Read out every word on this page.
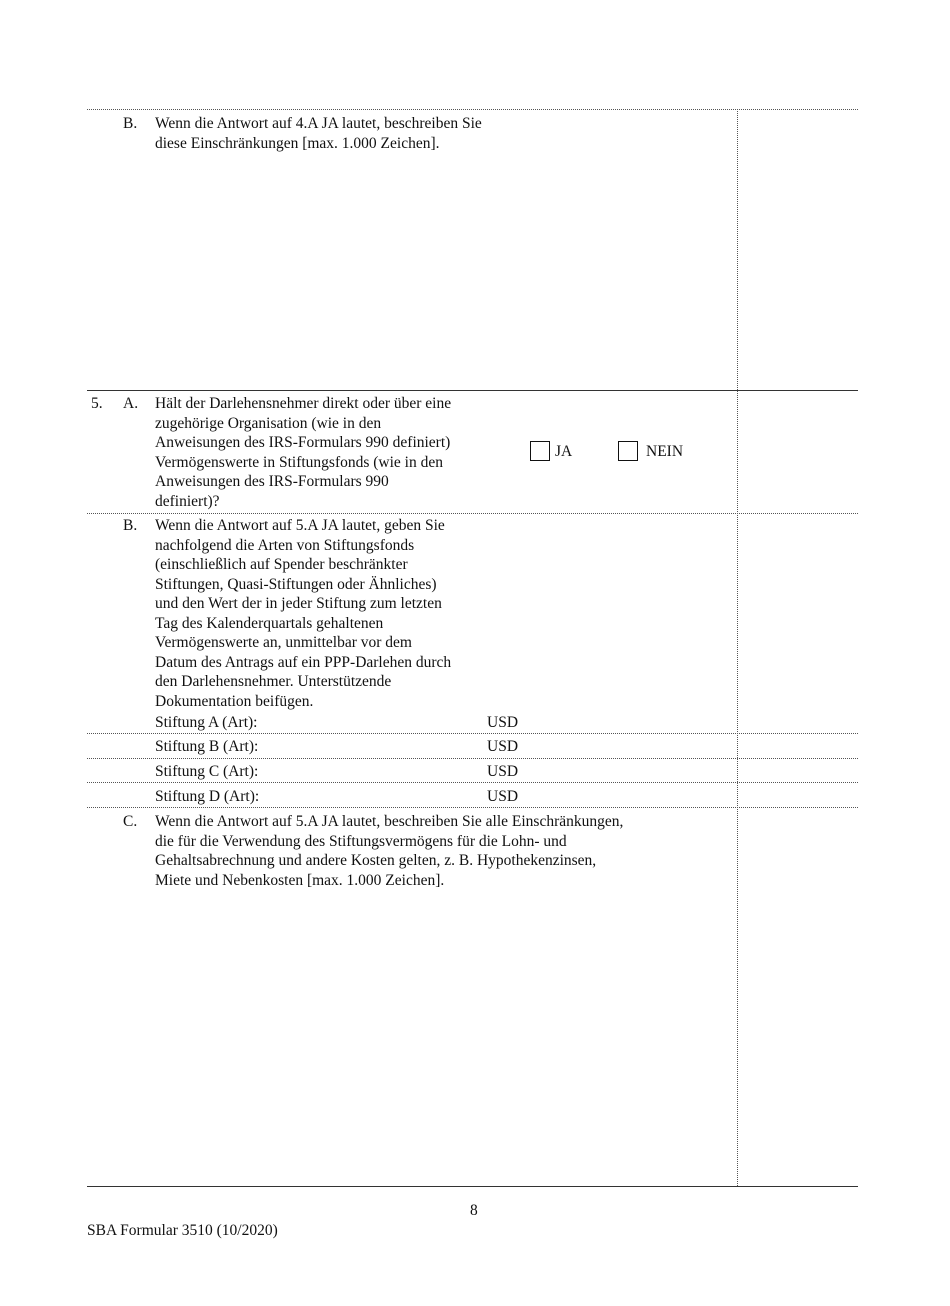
B. Wenn die Antwort auf 4.A JA lautet, beschreiben Sie
diese Einschränkungen [max. 1.000 Zeichen].
5. A. Hält der Darlehensnehmer direkt oder über eine
zugehörige Organisation (wie in den
Anweisungen des IRS-Formulars 990 definiert)
Vermögenswerte in Stiftungsfonds (wie in den
Anweisungen des IRS-Formulars 990
definiert)?
JA	NEIN
B. Wenn die Antwort auf 5.A JA lautet, geben Sie
nachfolgend die Arten von Stiftungsfonds
(einschließlich auf Spender beschränkter
Stiftungen, Quasi-Stiftungen oder Ähnliches)
und den Wert der in jeder Stiftung zum letzten
Tag des Kalenderquartals gehaltenen
Vermögenswerte an, unmittelbar vor dem
Datum des Antrags auf ein PPP-Darlehen durch
den Darlehensnehmer. Unterstützende
Dokumentation beifügen.
Stiftung A (Art):	USD
Stiftung B (Art):	USD
Stiftung C (Art):	USD
Stiftung D (Art):	USD
C. Wenn die Antwort auf 5.A JA lautet, beschreiben Sie alle Einschränkungen,
die für die Verwendung des Stiftungsvermögens für die Lohn- und
Gehaltsabrechnung und andere Kosten gelten, z. B. Hypothekenzinsen,
Miete und Nebenkosten [max. 1.000 Zeichen].
8
SBA Formular 3510 (10/2020)
